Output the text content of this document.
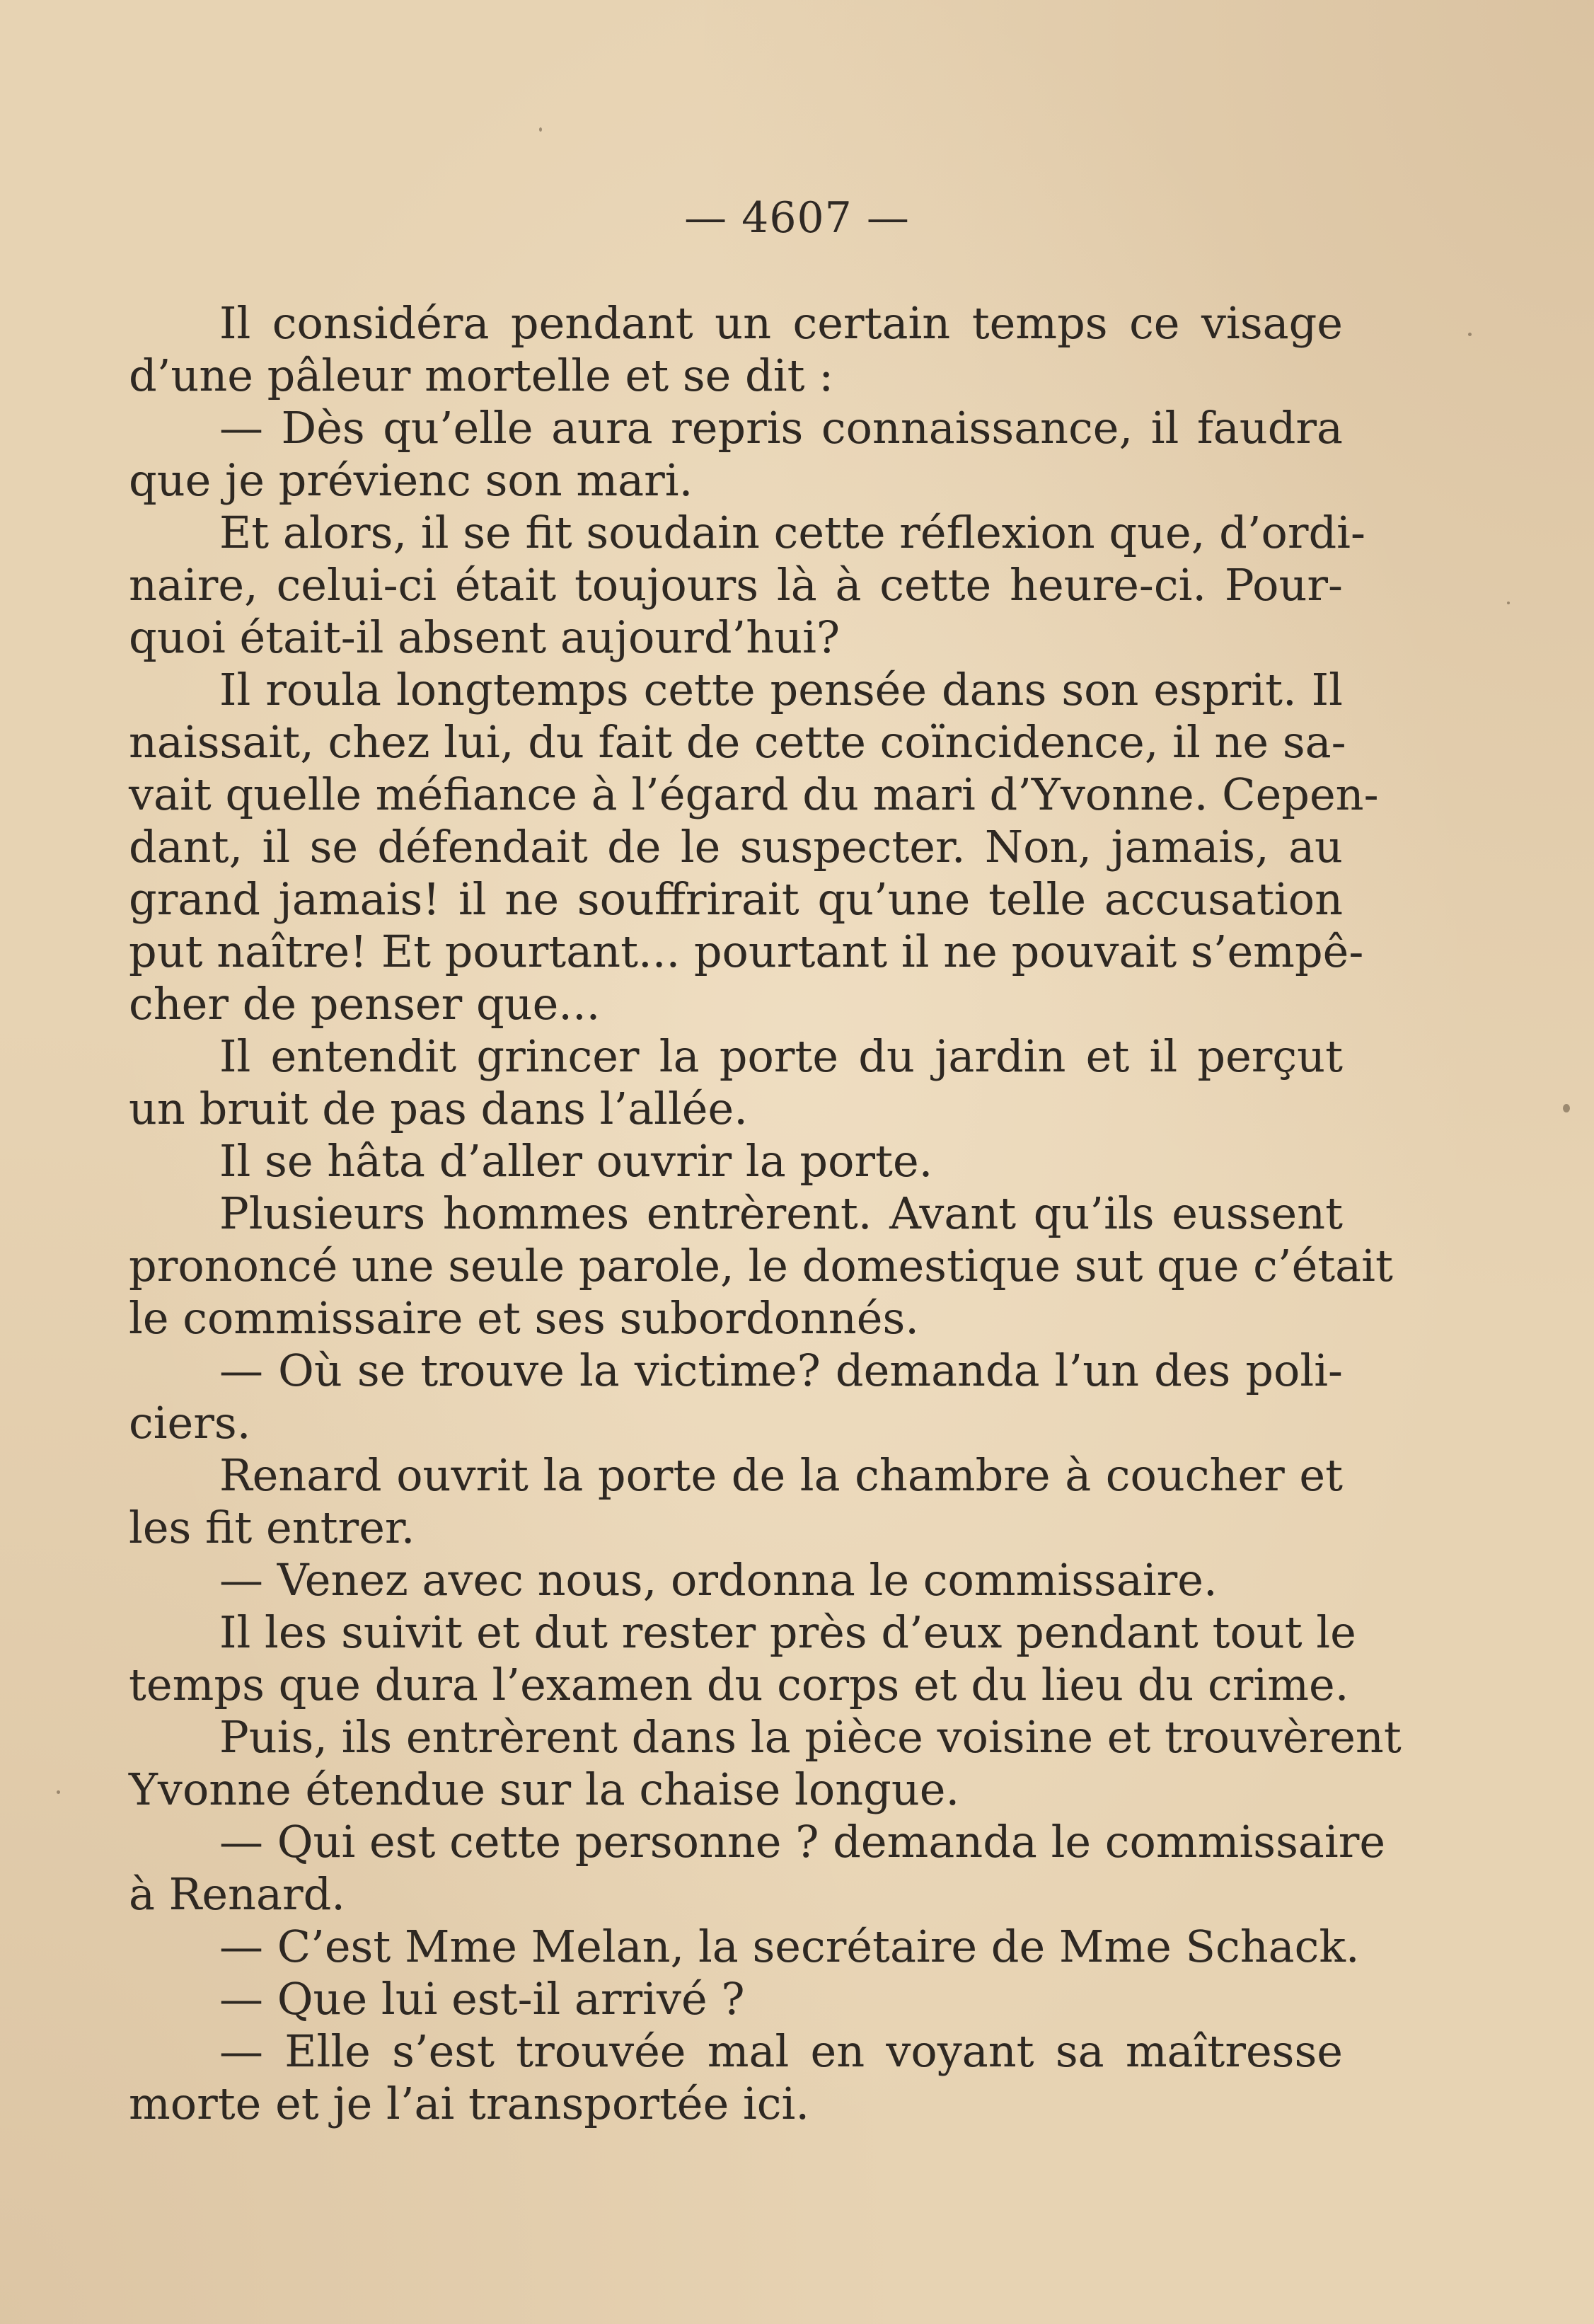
— 4607 —
Il considéra pendant un certain temps ce visage
d’une pâleur mortelle et se dit :
— Dès qu’elle aura repris connaissance, il faudra
que je prévienc son mari.
Et alors, il se fit soudain cette réflexion que, d’ordi-
naire, celui-ci était toujours là à cette heure-ci. Pour-
quoi était-il absent aujourd’hui?
Il roula longtemps cette pensée dans son esprit. Il
naissait, chez lui, du fait de cette coïncidence, il ne sa-
vait quelle méfiance à l’égard du mari d’Yvonne. Cepen-
dant, il se défendait de le suspecter. Non, jamais, au
grand jamais! il ne souffrirait qu’une telle accusation
put naître! Et pourtant... pourtant il ne pouvait s’empê-
cher de penser que...
Il entendit grincer la porte du jardin et il perçut
un bruit de pas dans l’allée.
Il se hâta d’aller ouvrir la porte.
Plusieurs hommes entrèrent. Avant qu’ils eussent
prononcé une seule parole, le domestique sut que c’était
le commissaire et ses subordonnés.
— Où se trouve la victime? demanda l’un des poli-
ciers.
Renard ouvrit la porte de la chambre à coucher et
les fit entrer.
— Venez avec nous, ordonna le commissaire.
Il les suivit et dut rester près d’eux pendant tout le
temps que dura l’examen du corps et du lieu du crime.
Puis, ils entrèrent dans la pièce voisine et trouvèrent
Yvonne étendue sur la chaise longue.
— Qui est cette personne ? demanda le commissaire
à Renard.
— C’est Mme Melan, la secrétaire de Mme Schack.
— Que lui est-il arrivé ?
— Elle s’est trouvée mal en voyant sa maîtresse
morte et je l’ai transportée ici.
